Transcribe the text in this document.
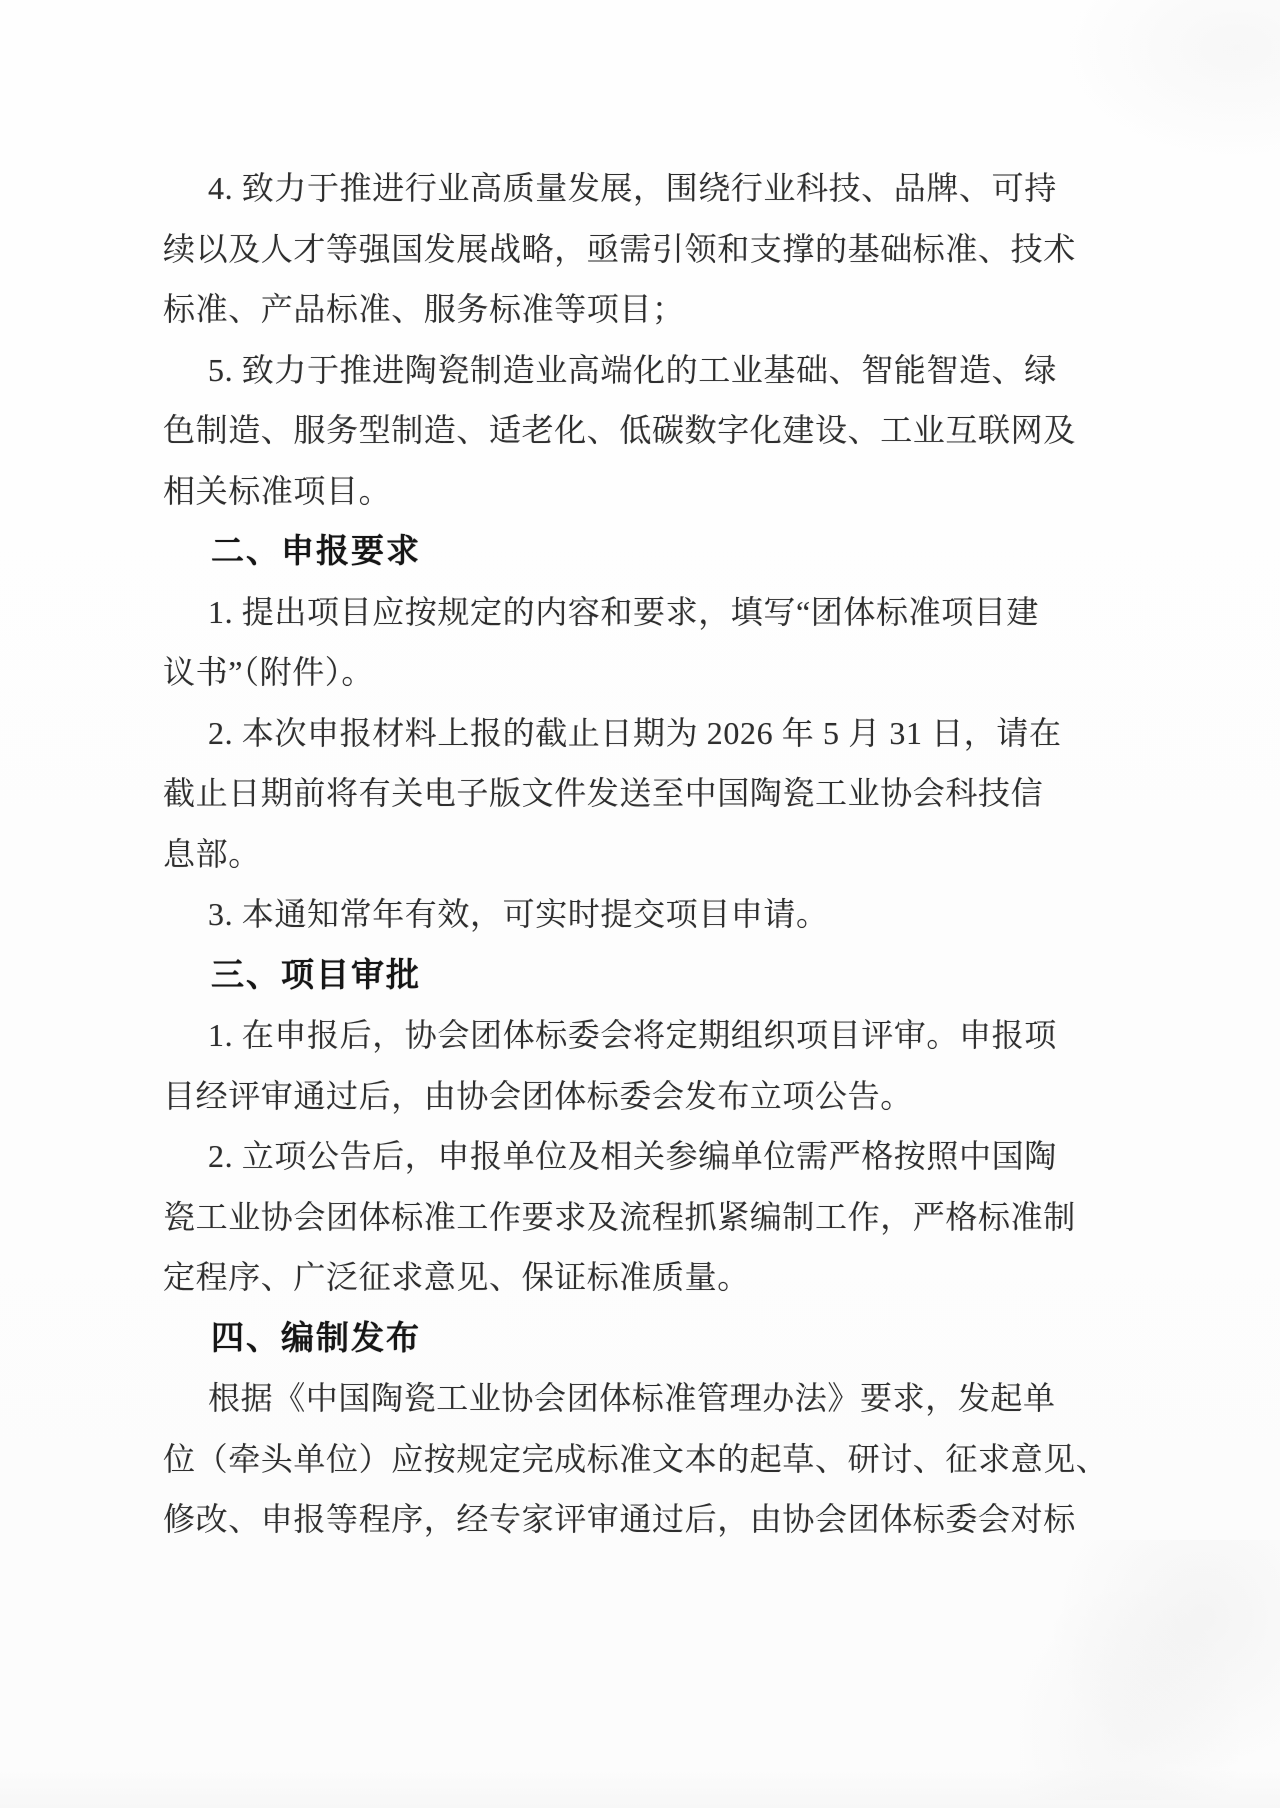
4. 致力于推进行业高质量发展，围绕行业科技、品牌、可持
续以及人才等强国发展战略，亟需引领和支撑的基础标准、技术
标准、产品标准、服务标准等项目；
5. 致力于推进陶瓷制造业高端化的工业基础、智能智造、绿
色制造、服务型制造、适老化、低碳数字化建设、工业互联网及
相关标准项目。
二、申报要求
1. 提出项目应按规定的内容和要求，填写“团体标准项目建
议书”（附件）。
2. 本次申报材料上报的截止日期为 2026 年 5 月 31 日，请在
截止日期前将有关电子版文件发送至中国陶瓷工业协会科技信
息部。
3. 本通知常年有效，可实时提交项目申请。
三、项目审批
1. 在申报后，协会团体标委会将定期组织项目评审。申报项
目经评审通过后，由协会团体标委会发布立项公告。
2. 立项公告后，申报单位及相关参编单位需严格按照中国陶
瓷工业协会团体标准工作要求及流程抓紧编制工作，严格标准制
定程序、广泛征求意见、保证标准质量。
四、编制发布
根据《中国陶瓷工业协会团体标准管理办法》要求，发起单
位（牵头单位）应按规定完成标准文本的起草、研讨、征求意见、
修改、申报等程序，经专家评审通过后，由协会团体标委会对标
